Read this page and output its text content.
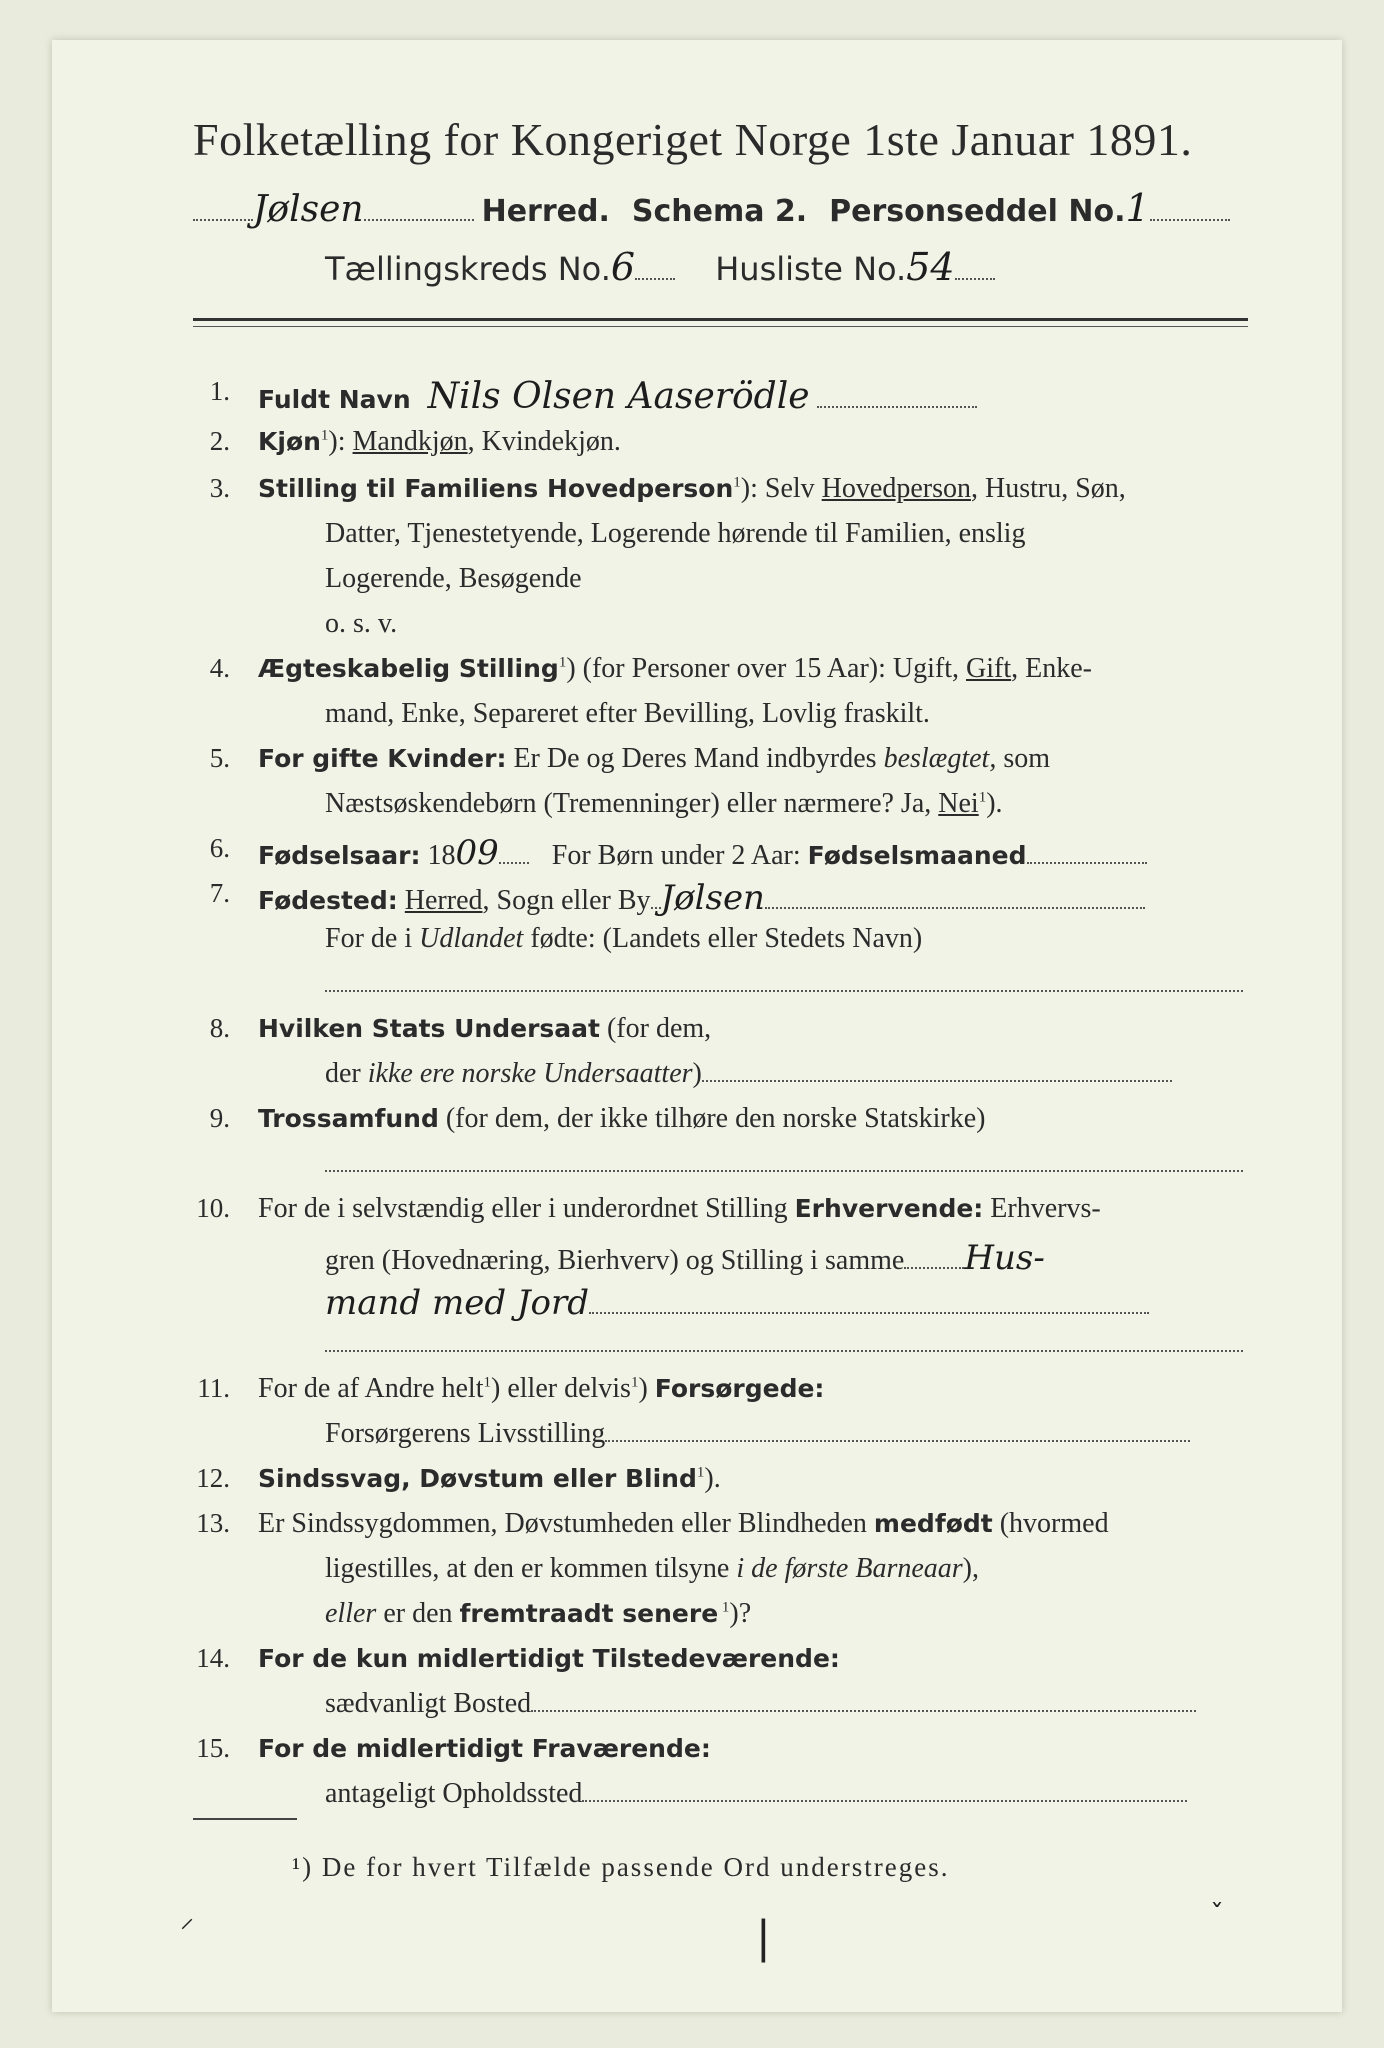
Folketælling for Kongeriget Norge 1ste Januar 1891.
Jølsen	Herred. Schema 2. Personseddel No.1
Tællingskreds No.6	Husliste No.54
1. Fuldt Navn Nils Olsen Aaserödle
2. Kjøn$^1$): Mandkjøn, Kvindekjøn.
3. Stilling til Familiens Hovedperson$^1$): Selv Hovedperson, Hustru, Søn,
Datter, Tjenestetyende, Logerende hørende til Familien, enslig
Logerende, Besøgende
o. s. v.
4. Ægteskabelig Stilling$^1$) (for Personer over 15 Aar): Ugift, Gift, Enke-
mand, Enke, Separeret efter Bevilling, Lovlig fraskilt.
5. For gifte Kvinder: Er De og Deres Mand indbyrdes beslægtet, som
Næstsøskendebørn (Tremenninger) eller nærmere? Ja, Nei$^1$).
6. Fødselsaar: 1809 For Børn under 2 Aar: Fødselsmaaned
7. Fødested: Herred, Sogn eller By Jølsen
For de i Udlandet fødte: (Landets eller Stedets Navn)
8. Hvilken Stats Undersaat (for dem,
der ikke ere norske Undersaatter)
9. Trossamfund (for dem, der ikke tilhøre den norske Statskirke)
10. For de i selvstændig eller i underordnet Stilling Erhvervende: Erhvervs-
gren (Hovednæring, Bierhverv) og Stilling i samme Hus-
mand med Jord
11. For de af Andre helt$^1$) eller delvis$^1$) Forsørgede:
Forsørgerens Livsstilling
12. Sindssvag, Døvstum eller Blind$^1$).
13. Er Sindssygdommen, Døvstumheden eller Blindheden medfødt (hvormed
ligestilles, at den er kommen tilsyne i de første Barneaar),
eller er den fremtraadt senere $^1$)?
14. For de kun midlertidigt Tilstedeværende:
sædvanligt Bosted
15. For de midlertidigt Fraværende:
antageligt Opholdssted
¹) De for hvert Tilfælde passende Ord understreges.
⸝	❘	ˇ
